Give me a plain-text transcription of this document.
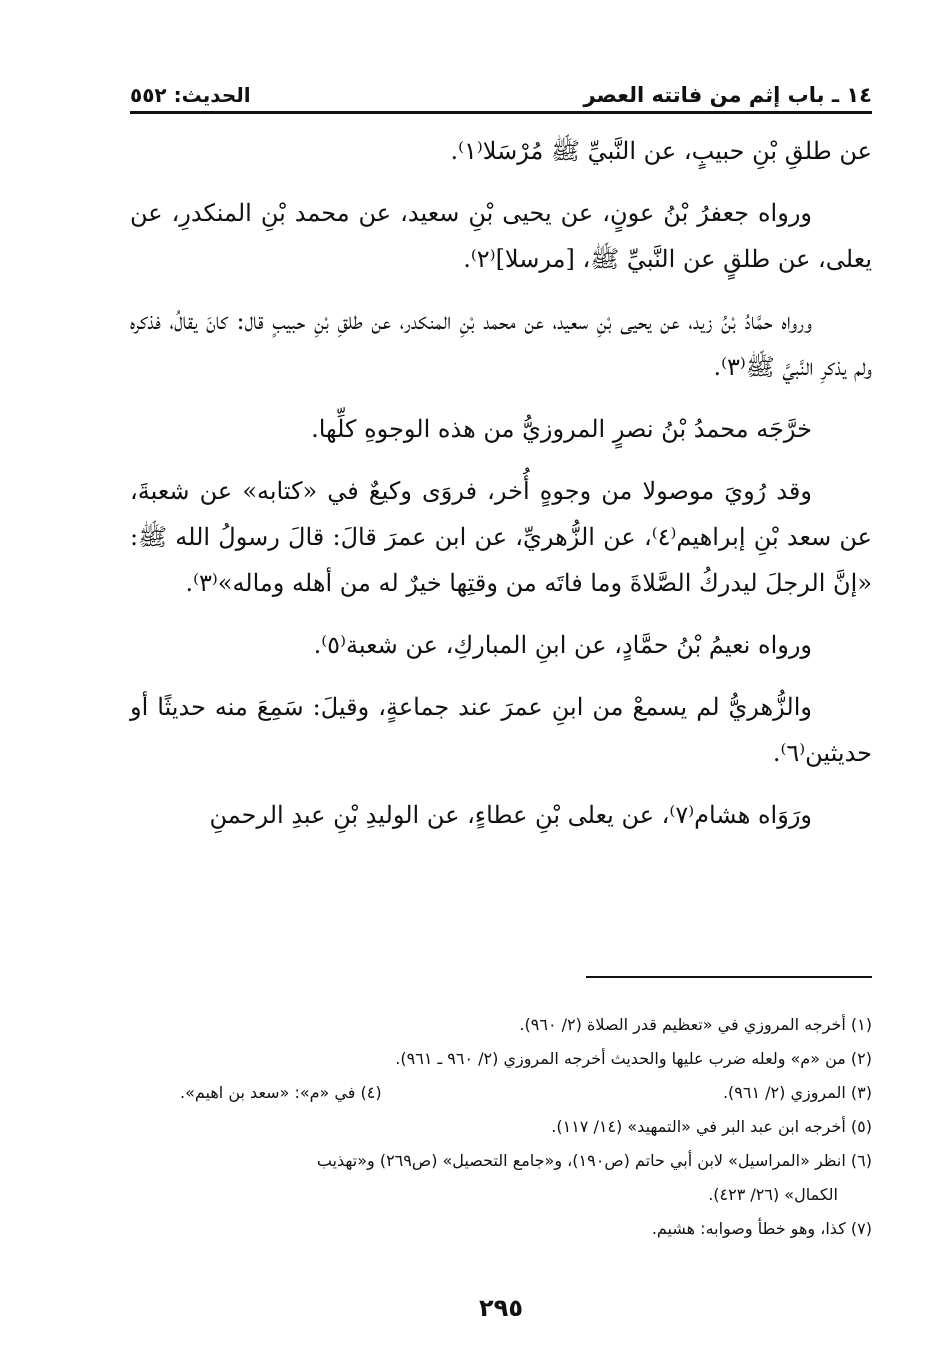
١٤ ـ باب إثم من فاتته العصر
الحديث: ٥٥٢

عن طلقِ بْنِ حبيبٍ، عن النَّبيِّ ﷺ مُرْسَلا⁽١⁾.

ورواه جعفرُ بْنُ عونٍ، عن يحيى بْنِ سعيد، عن محمد بْنِ المنكدرِ، عن يعلى، عن طلقٍ عن النَّبيِّ ﷺ، [مرسلا]⁽٢⁾.

ورواه حمَّادُ بْنُ زيد، عن يحيى بْنِ سعيد، عن محمد بْنِ المنكدر، عن طلقِ بْنِ حبيبٍ قال: كانَ يقالُ، فذكره ولم يذكرِ النَّبيَّ ﷺ⁽٣⁾.

خرَّجَه محمدُ بْنُ نصرٍ المروزيُّ من هذه الوجوهِ كلِّها.

وقد رُويَ موصولا من وجوهٍ أُخر، فروَى وكيعٌ في «كتابه» عن شعبةَ، عن سعد بْنِ إبراهيم⁽٤⁾، عن الزُّهريِّ، عن ابن عمرَ قالَ: قالَ رسولُ الله ﷺ: «إنَّ الرجلَ ليدركُ الصَّلاةَ وما فاتَه من وقتِها خيرٌ له من أهله وماله»⁽٣⁾.

ورواه نعيمُ بْنُ حمَّادٍ، عن ابنِ المباركِ، عن شعبة⁽٥⁾.

والزُّهريُّ لم يسمعْ من ابنِ عمرَ عند جماعةٍ، وقيلَ: سَمِعَ منه حديثًا أو حديثين⁽٦⁾.

ورَوَاه هشام⁽٧⁾، عن يعلى بْنِ عطاءٍ، عن الوليدِ بْنِ عبدِ الرحمنِ

(١) أخرجه المروزي في «تعظيم قدر الصلاة (٢/ ٩٦٠).

(٢) من «م» ولعله ضرب عليها والحديث أخرجه المروزي (٢/ ٩٦٠ ـ ٩٦١).

(٣) المروزي (٢/ ٩٦١).
(٤) في «م»: «سعد بن اهيم».

(٥) أخرجه ابن عبد البر في «التمهيد» (١٤/ ١١٧).

(٦) انظر «المراسيل» لابن أبي حاتم (ص١٩٠)، و«جامع التحصيل» (ص٢٦٩) و«تهذيب

الكمال» (٢٦/ ٤٢٣).

(٧) كذا، وهو خطأ وصوابه: هشيم.

٢٩٥
